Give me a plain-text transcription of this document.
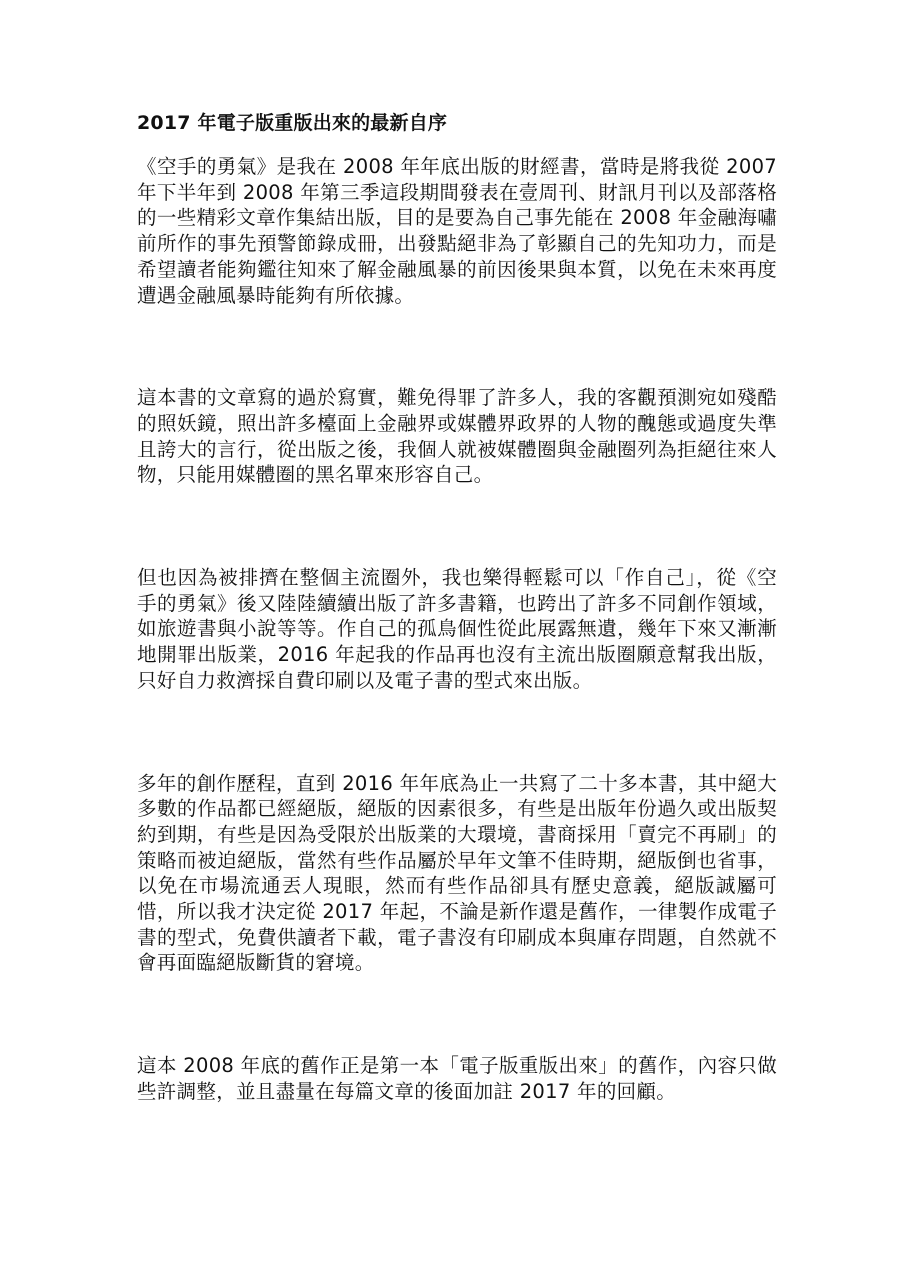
2017 年電子版重版出來的最新自序

《空手的勇氣》是我在 2008 年年底出版的財經書，當時是將我從 2007 年下半年到 2008 年第三季這段期間發表在壹周刊、財訊月刊以及部落格的一些精彩文章作集結出版，目的是要為自己事先能在 2008 年金融海嘯前所作的事先預警節錄成冊，出發點絕非為了彰顯自己的先知功力，而是希望讀者能夠鑑往知來了解金融風暴的前因後果與本質，以免在未來再度遭遇金融風暴時能夠有所依據。

這本書的文章寫的過於寫實，難免得罪了許多人，我的客觀預測宛如殘酷的照妖鏡，照出許多檯面上金融界或媒體界政界的人物的醜態或過度失準且誇大的言行，從出版之後，我個人就被媒體圈與金融圈列為拒絕往來人物，只能用媒體圈的黑名單來形容自己。

但也因為被排擠在整個主流圈外，我也樂得輕鬆可以「作自己」，從《空手的勇氣》後又陸陸續續出版了許多書籍，也跨出了許多不同創作領域，如旅遊書與小說等等。作自己的孤鳥個性從此展露無遺，幾年下來又漸漸地開罪出版業，2016 年起我的作品再也沒有主流出版圈願意幫我出版，只好自力救濟採自費印刷以及電子書的型式來出版。

多年的創作歷程，直到 2016 年年底為止一共寫了二十多本書，其中絕大多數的作品都已經絕版，絕版的因素很多，有些是出版年份過久或出版契約到期，有些是因為受限於出版業的大環境，書商採用「賣完不再刷」的策略而被迫絕版，當然有些作品屬於早年文筆不佳時期，絕版倒也省事，以免在市場流通丟人現眼，然而有些作品卻具有歷史意義，絕版誠屬可惜，所以我才決定從 2017 年起，不論是新作還是舊作，一律製作成電子書的型式，免費供讀者下載，電子書沒有印刷成本與庫存問題，自然就不會再面臨絕版斷貨的窘境。

這本 2008 年底的舊作正是第一本「電子版重版出來」的舊作，內容只做些許調整，並且盡量在每篇文章的後面加註 2017 年的回顧。
